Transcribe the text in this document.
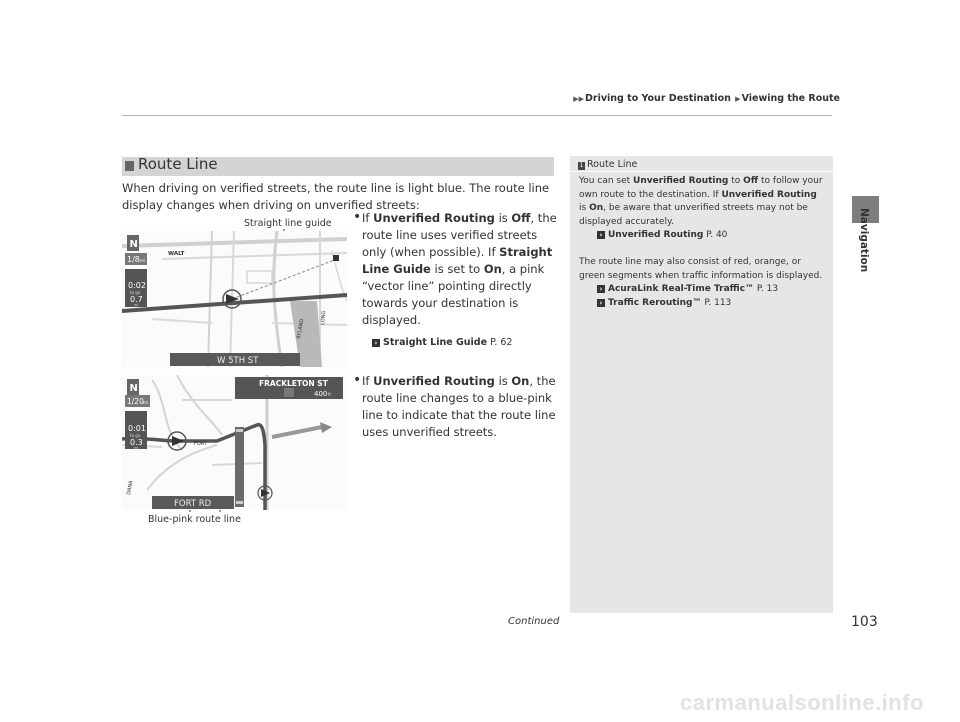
▶▶Driving to Your Destination ▶Viewing the Route
Navigation
Route Line

When driving on verified streets, the route line is light blue. The route line display changes when driving on unverified streets:

• If Unverified Routing is Off, the route line uses verified streets only (when possible). If Straight Line Guide is set to On, a pink “vector line” pointing directly towards your destination is displayed.
› Straight Line Guide P. 62
• If Unverified Routing is On, the route line changes to a blue-pink line to indicate that the route line uses unverified streets.
Straight line guide
Blue-pink route line
N
1/8 mi
0:02
to go
0.7
mi
WALT
RYLAND
LONG
W 5TH ST
FRACKLETON ST
400 ft
N
1/20 mi
0:01
to go
0.3
mi
FORT
DANA
FORT RD
1 Route Line
You can set Unverified Routing to Off to follow your own route to the destination. If Unverified Routing is On, be aware that unverified streets may not be displayed accurately.
› Unverified Routing P. 40
The route line may also consist of red, orange, or green segments when traffic information is displayed.
› AcuraLink Real-Time Traffic™ P. 13
› Traffic Rerouting™ P. 113
Continued	103
carmanualsonline.info
